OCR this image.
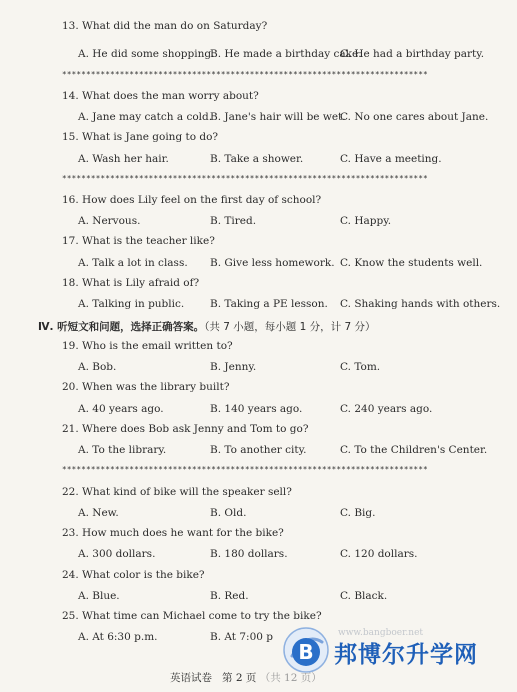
13. What did the man do on Saturday?
A. He did some shopping.
B. He made a birthday cake.
C. He had a birthday party.
****************************************************************************
14. What does the man worry about?
A. Jane may catch a cold.
B. Jane's hair will be wet.
C. No one cares about Jane.
15. What is Jane going to do?
A. Wash her hair.	B. Take a shower.	C. Have a meeting.
****************************************************************************
16. How does Lily feel on the first day of school?
A. Nervous.	B. Tired.	C. Happy.
17. What is the teacher like?
A. Talk a lot in class. B. Give less homework. C. Know the students well.
18. What is Lily afraid of?
A. Talking in public. B. Taking a PE lesson. C. Shaking hands with others.
Ⅳ. 听短文和问题，选择正确答案。（共 7 小题，每小题 1 分，计 7 分）
19. Who is the email written to?
A. Bob.	B. Jenny.	C. Tom.
20. When was the library built?
A. 40 years ago.	B. 140 years ago.	C. 240 years ago.
21. Where does Bob ask Jenny and Tom to go?
A. To the library.	B. To another city.	C. To the Children's Center.
****************************************************************************
22. What kind of bike will the speaker sell?
A. New.	B. Old.	C. Big.
23. How much does he want for the bike?
A. 300 dollars.	B. 180 dollars.	C. 120 dollars.
24. What color is the bike?
A. Blue.	B. Red.	C. Black.
25. What time can Michael come to try the bike?
A. At 6:30 p.m.	B. At 7:00 p
英语试卷 第 2 页 （共 12 页）
B
www.bangboer.net
邦博尔升学网
